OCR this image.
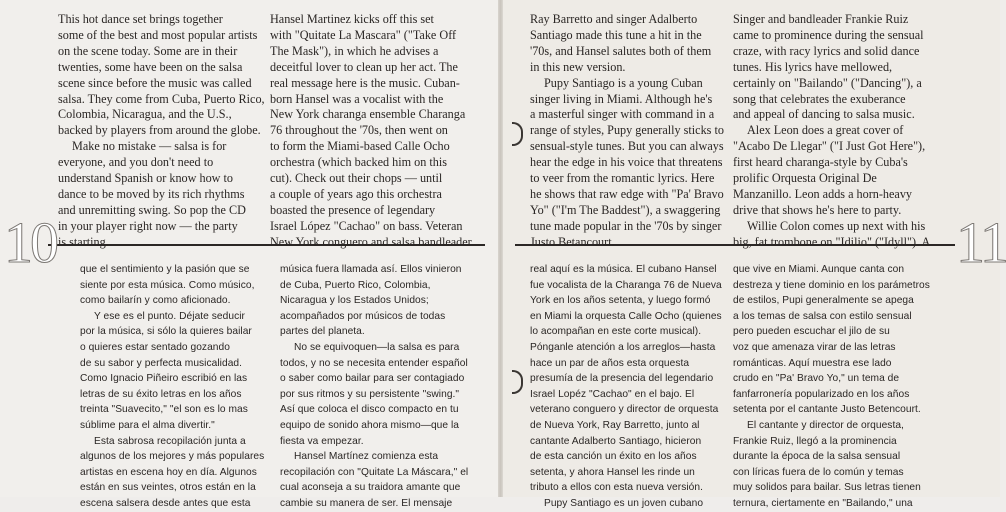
10	11
This hot dance set brings together
some of the best and most popular artists
on the scene today. Some are in their
twenties, some have been on the salsa
scene since before the music was called
salsa. They come from Cuba, Puerto Rico,
Colombia, Nicaragua, and the U.S.,
backed by players from around the globe.
Make no mistake — salsa is for
everyone, and you don't need to
understand Spanish or know how to
dance to be moved by its rich rhythms
and unremitting swing. So pop the CD
in your player right now — the party
is starting.
Hansel Martinez kicks off this set
with "Quitate La Mascara" ("Take Off
The Mask"), in which he advises a
deceitful lover to clean up her act. The
real message here is the music. Cuban-
born Hansel was a vocalist with the
New York charanga ensemble Charanga
76 throughout the '70s, then went on
to form the Miami-based Calle Ocho
orchestra (which backed him on this
cut). Check out their chops — until
a couple of years ago this orchestra
boasted the presence of legendary
Israel López "Cachao" on bass. Veteran
New York conguero and salsa bandleader
Ray Barretto and singer Adalberto
Santiago made this tune a hit in the
'70s, and Hansel salutes both of them
in this new version.
Pupy Santiago is a young Cuban
singer living in Miami. Although he's
a masterful singer with command in a
range of styles, Pupy generally sticks to
sensual-style tunes. But you can always
hear the edge in his voice that threatens
to veer from the romantic lyrics. Here
he shows that raw edge with "Pa' Bravo
Yo" ("I'm The Baddest"), a swaggering
tune made popular in the '70s by singer
Justo Betancourt.
Singer and bandleader Frankie Ruiz
came to prominence during the sensual
craze, with racy lyrics and solid dance
tunes. His lyrics have mellowed,
certainly on "Bailando" ("Dancing"), a
song that celebrates the exuberance
and appeal of dancing to salsa music.
Alex Leon does a great cover of
"Acabo De Llegar" ("I Just Got Here"),
first heard charanga-style by Cuba's
prolific Orquesta Original De
Manzanillo. Leon adds a horn-heavy
drive that shows he's here to party.
Willie Colon comes up next with his
big, fat trombone on "Idilio" ("Idyll"). A
que el sentimiento y la pasión que se
siente por esta música. Como músico,
como bailarín y como aficionado.
Y ese es el punto. Déjate seducir
por la música, si sólo la quieres bailar
o quieres estar sentado gozando
de su sabor y perfecta musicalidad.
Como Ignacio Piñeiro escribió en las
letras de su éxito letras en los años
treinta "Suavecito," "el son es lo mas
súblime para el alma divertir."
Esta sabrosa recopilación junta a
algunos de los mejores y más populares
artistas en escena hoy en día. Algunos
están en sus veintes, otros están en la
escena salsera desde antes que esta
música fuera llamada así. Ellos vinieron
de Cuba, Puerto Rico, Colombia,
Nicaragua y los Estados Unidos;
acompañados por músicos de todas
partes del planeta.
No se equivoquen—la salsa es para
todos, y no se necesita entender español
o saber como bailar para ser contagiado
por sus ritmos y su persistente "swing."
Así que coloca el disco compacto en tu
equipo de sonido ahora mismo—que la
fiesta va empezar.
Hansel Martínez comienza esta
recopilación con "Quitate La Máscara," el
cual aconseja a su traidora amante que
cambie su manera de ser. El mensaje
real aquí es la música. El cubano Hansel
fue vocalista de la Charanga 76 de Nueva
York en los años setenta, y luego formó
en Miami la orquesta Calle Ocho (quienes
lo acompañan en este corte musical).
Pónganle atención a los arreglos—hasta
hace un par de años esta orquesta
presumía de la presencia del legendario
Israel Lopéz "Cachao" en el bajo. El
veterano conguero y director de orquesta
de Nueva York, Ray Barretto, junto al
cantante Adalberto Santiago, hicieron
de esta canción un éxito en los años
setenta, y ahora Hansel les rinde un
tributo a ellos con esta nueva versión.
Pupy Santiago es un joven cubano
que vive en Miami. Aunque canta con
destreza y tiene dominio en los parámetros
de estilos, Pupi generalmente se apega
a los temas de salsa con estilo sensual
pero pueden escuchar el jilo de su
voz que amenaza virar de las letras
románticas. Aquí muestra ese lado
crudo en "Pa' Bravo Yo," un tema de
fanfarronería popularizado en los años
setenta por el cantante Justo Betencourt.
El cantante y director de orquesta,
Frankie Ruiz, llegó a la prominencia
durante la época de la salsa sensual
con líricas fuera de lo común y temas
muy solidos para bailar. Sus letras tienen
ternura, ciertamente en "Bailando," una
